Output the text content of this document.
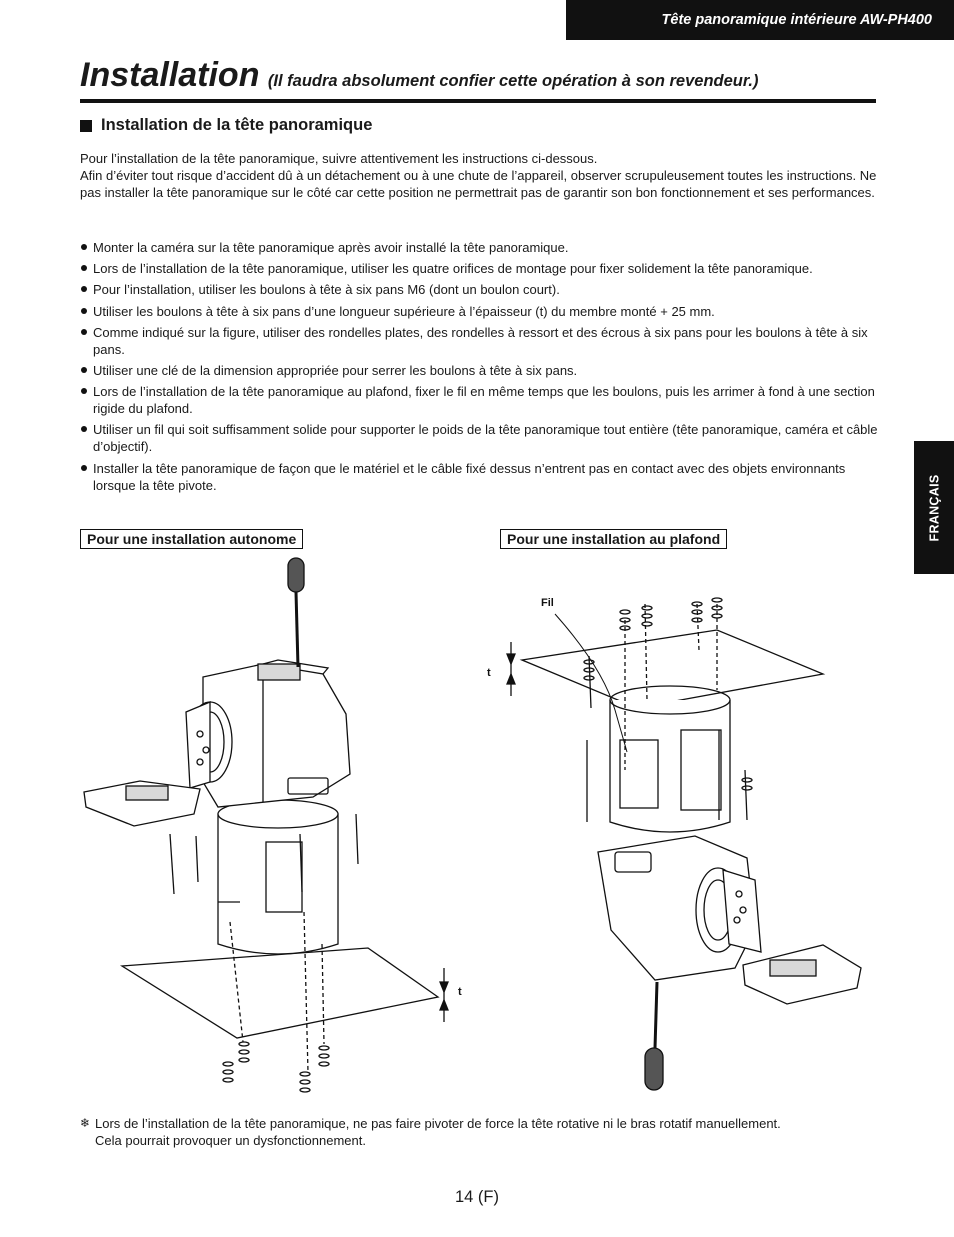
Tête panoramique intérieure AW-PH400
Installation (Il faudra absolument confier cette opération à son revendeur.)
Installation de la tête panoramique

Pour l’installation de la tête panoramique, suivre attentivement les instructions ci-dessous.

Afin d’éviter tout risque d’accident dû à un détachement ou à une chute de l’appareil, observer scrupuleusement toutes les instructions. Ne pas installer la tête panoramique sur le côté car cette position ne permettrait pas de garantir son bon fonctionnement et ses performances.

Monter la caméra sur la tête panoramique après avoir installé la tête panoramique.
Lors de l’installation de la tête panoramique, utiliser les quatre orifices de montage pour fixer solidement la tête panoramique.
Pour l’installation, utiliser les boulons à tête à six pans M6 (dont un boulon court).
Utiliser les boulons à tête à six pans d’une longueur supérieure à l’épaisseur (t) du membre monté + 25 mm.
Comme indiqué sur la figure, utiliser des rondelles plates, des rondelles à ressort et des écrous à six pans pour les boulons à tête à six pans.
Utiliser une clé de la dimension appropriée pour serrer les boulons à tête à six pans.
Lors de l’installation de la tête panoramique au plafond, fixer le fil en même temps que les boulons, puis les arrimer à fond à une section rigide du plafond.
Utiliser un fil qui soit suffisamment solide pour supporter le poids de la tête panoramique tout entière (tête panoramique, caméra et câble d’objectif).
Installer la tête panoramique de façon que le matériel et le câble fixé dessus n’entrent pas en contact avec des objets environnants lorsque la tête pivote.	FRANÇAIS
Pour une installation autonome	Pour une installation au plafond
t
Fil
t
❄ Lors de l’installation de la tête panoramique, ne pas faire pivoter de force la tête rotative ni le bras rotatif manuellement.
Cela pourrait provoquer un dysfonctionnement.
14 (F)
